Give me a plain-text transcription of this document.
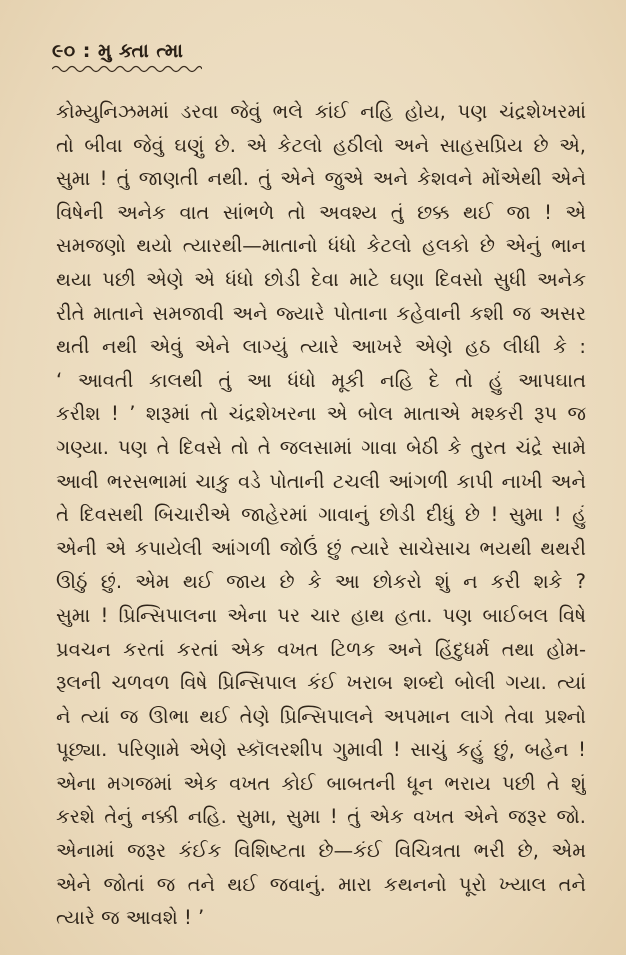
૯૦ : મુ ક્તા ત્મા
કોમ્યુનિઝમમાં ડરવા જેવું ભલે કાંઈ નહિ હોય, પણ ચંદ્રશેખરમાં
તો બીવા જેવું ઘણું છે. એ કેટલો હઠીલો અને સાહસપ્રિય છે એ,
સુમા ! તું જાણતી નથી. તું એને જુએ અને કેશવને મોંએથી એને
વિષેની અનેક વાત સાંભળે તો અવશ્ય તું છક્ક થઈ જા ! એ
સમજણો થયો ત્યારથી—માતાનો ધંધો કેટલો હલકો છે એનું ભાન
થયા પછી એણે એ ધંધો છોડી દેવા માટે ઘણા દિવસો સુધી અનેક
રીતે માતાને સમજાવી અને જ્યારે પોતાના કહેવાની કશી જ અસર
થતી નથી એવું એને લાગ્યું ત્યારે આખરે એણે હઠ લીધી કે :
‘ આવતી કાલથી તું આ ધંધો મૂકી નહિ દે તો હું આપઘાત
કરીશ ! ’ શરૂમાં તો ચંદ્રશેખરના એ બોલ માતાએ મશ્કરી રૂપ જ
ગણ્યા. પણ તે દિવસે તો તે જલસામાં ગાવા બેઠી કે તુરત ચંદ્રે સામે
આવી ભરસભામાં ચાકુ વડે પોતાની ટચલી આંગળી કાપી નાખી અને
તે દિવસથી બિચારીએ જાહેરમાં ગાવાનું છોડી દીધું છે ! સુમા ! હું
એની એ કપાયેલી આંગળી જોઉં છું ત્યારે સાચેસાચ ભયથી થથરી
ઊઠું છું. એમ થઈ જાય છે કે આ છોકરો શું ન કરી શકે ?
સુમા ! પ્રિન્સિપાલના એના પર ચાર હાથ હતા. પણ બાઈબલ વિષે
પ્રવચન કરતાં કરતાં એક વખત ટિળક અને હિંદુધર્મ તથા હોમ-
રૂલની ચળવળ વિષે પ્રિન્સિપાલ કંઈ ખરાબ શબ્દો બોલી ગયા. ત્યાં
ને ત્યાં જ ઊભા થઈ તેણે પ્રિન્સિપાલને અપમાન લાગે તેવા પ્રશ્નો
પૂછ્યા. પરિણામે એણે સ્કૉલરશીપ ગુમાવી ! સાચું કહું છું, બહેન !
એના મગજમાં એક વખત કોઈ બાબતની ધૂન ભરાય પછી તે શું
કરશે તેનું નક્કી નહિ. સુમા, સુમા ! તું એક વખત એને જરૂર જો.
એનામાં જરૂર કંઈક વિશિષ્ટતા છે—કંઈ વિચિત્રતા ભરી છે, એમ
એને જોતાં જ તને થઈ જવાનું. મારા કથનનો પૂરો ખ્યાલ તને
ત્યારે જ આવશે ! ’
